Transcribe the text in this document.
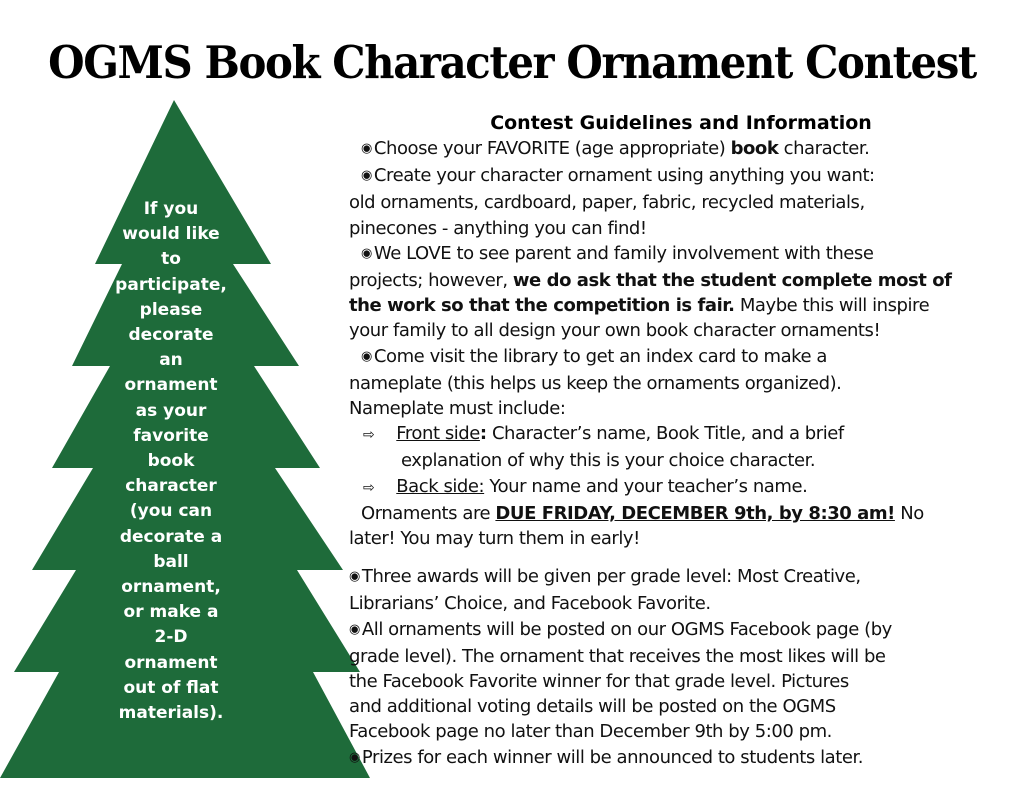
OGMS Book Character Ornament Contest
If you
would like
to
participate,
please
decorate
an
ornament
as your
favorite
book
character
(you can
decorate a
ball
ornament,
or make a
2-D
ornament
out of flat
materials).
Contest Guidelines and Information
◉ Choose your FAVORITE (age appropriate) book character.
◉ Create your character ornament using anything you want:
old ornaments, cardboard, paper, fabric, recycled materials,
pinecones - anything you can find!
◉ We LOVE to see parent and family involvement with these
projects; however, we do ask that the student complete most of
the work so that the competition is fair. Maybe this will inspire
your family to all design your own book character ornaments!
◉ Come visit the library to get an index card to make a
nameplate (this helps us keep the ornaments organized).
Nameplate must include:
⇨ Front side: Character’s name, Book Title, and a brief
explanation of why this is your choice character.
⇨ Back side: Your name and your teacher’s name.
Ornaments are DUE FRIDAY, DECEMBER 9th, by 8:30 am! No
later! You may turn them in early!
◉ Three awards will be given per grade level: Most Creative,
Librarians’ Choice, and Facebook Favorite.
◉ All ornaments will be posted on our OGMS Facebook page (by
grade level). The ornament that receives the most likes will be
the Facebook Favorite winner for that grade level. Pictures
and additional voting details will be posted on the OGMS
Facebook page no later than December 9th by 5:00 pm.
◉ Prizes for each winner will be announced to students later.
